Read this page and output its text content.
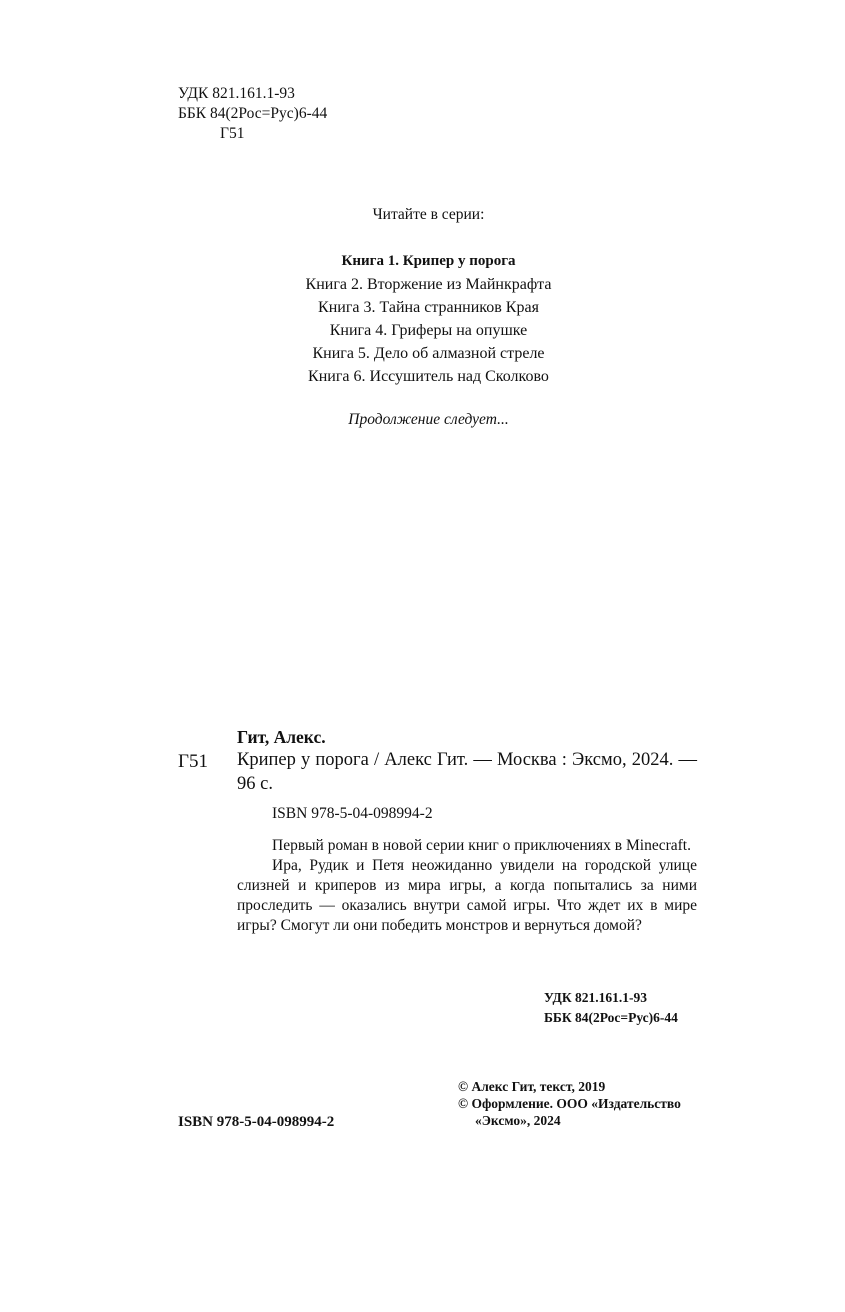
УДК 821.161.1-93
ББК 84(2Рос=Рус)6-44
Г51
Читайте в серии:
Книга 1. Крипер у порога
Книга 2. Вторжение из Майнкрафта
Книга 3. Тайна странников Края
Книга 4. Гриферы на опушке
Книга 5. Дело об алмазной стреле
Книга 6. Иссушитель над Сколково
Продолжение следует...
Гит, Алекс.
Г51 Крипер у порога / Алекс Гит. — Москва : Эксмо, 2024. — 96 с.
ISBN 978-5-04-098994-2

Первый роман в новой серии книг о приключениях в Minecraft.

Ира, Рудик и Петя неожиданно увидели на городской улице слизней и криперов из мира игры, а когда попытались за ними проследить — оказались внутри самой игры. Что ждет их в мире игры? Смогут ли они победить монстров и вернуться домой?

УДК 821.161.1-93
ББК 84(2Рос=Рус)6-44
ISBN 978-5-04-098994-2
© Алекс Гит, текст, 2019
© Оформление. ООО «Издательство
«Эксмо», 2024
